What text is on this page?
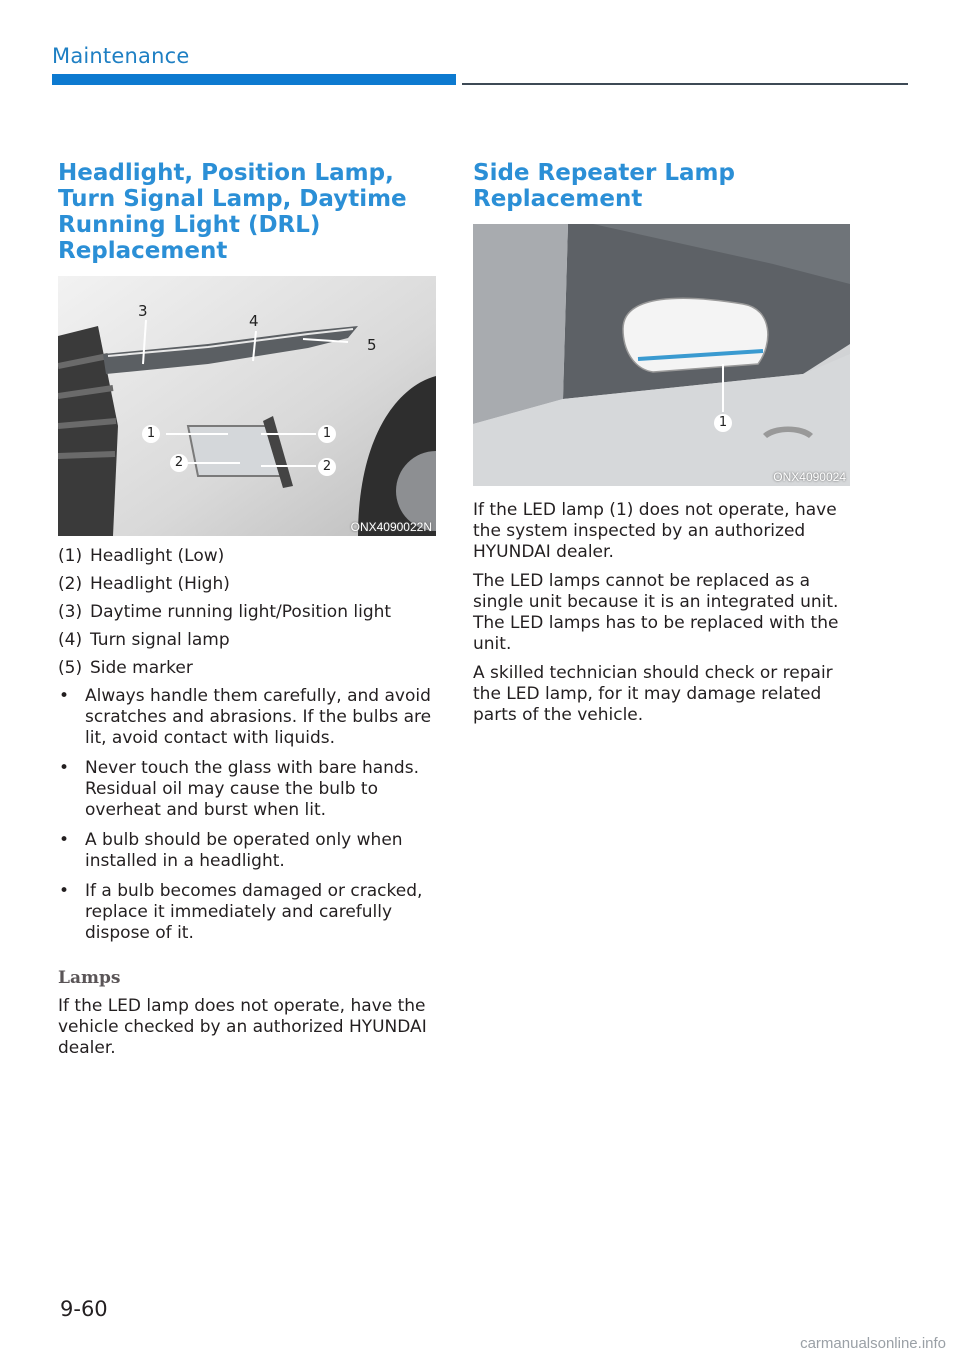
Maintenance
Headlight, Position Lamp, Turn Signal Lamp, Daytime Running Light (DRL) Replacement
3
4
5
1	1
2	2
ONX4090022N
(1) Headlight (Low)
(2) Headlight (High)
(3) Daytime running light/Position light
(4) Turn signal lamp
(5) Side marker
• Always handle them carefully, and avoid scratches and abrasions. If the bulbs are lit, avoid contact with liquids.
• Never touch the glass with bare hands. Residual oil may cause the bulb to overheat and burst when lit.
• A bulb should be operated only when installed in a headlight.
• If a bulb becomes damaged or cracked, replace it immediately and carefully dispose of it.
Lamps

If the LED lamp does not operate, have the vehicle checked by an authorized HYUNDAI dealer.

Side Repeater Lamp Replacement
1
ONX4090024

If the LED lamp (1) does not operate, have the system inspected by an authorized HYUNDAI dealer.

The LED lamps cannot be replaced as a single unit because it is an integrated unit. The LED lamps has to be replaced with the unit.

A skilled technician should check or repair the LED lamp, for it may damage related parts of the vehicle.

9-60
carmanualsonline.info
